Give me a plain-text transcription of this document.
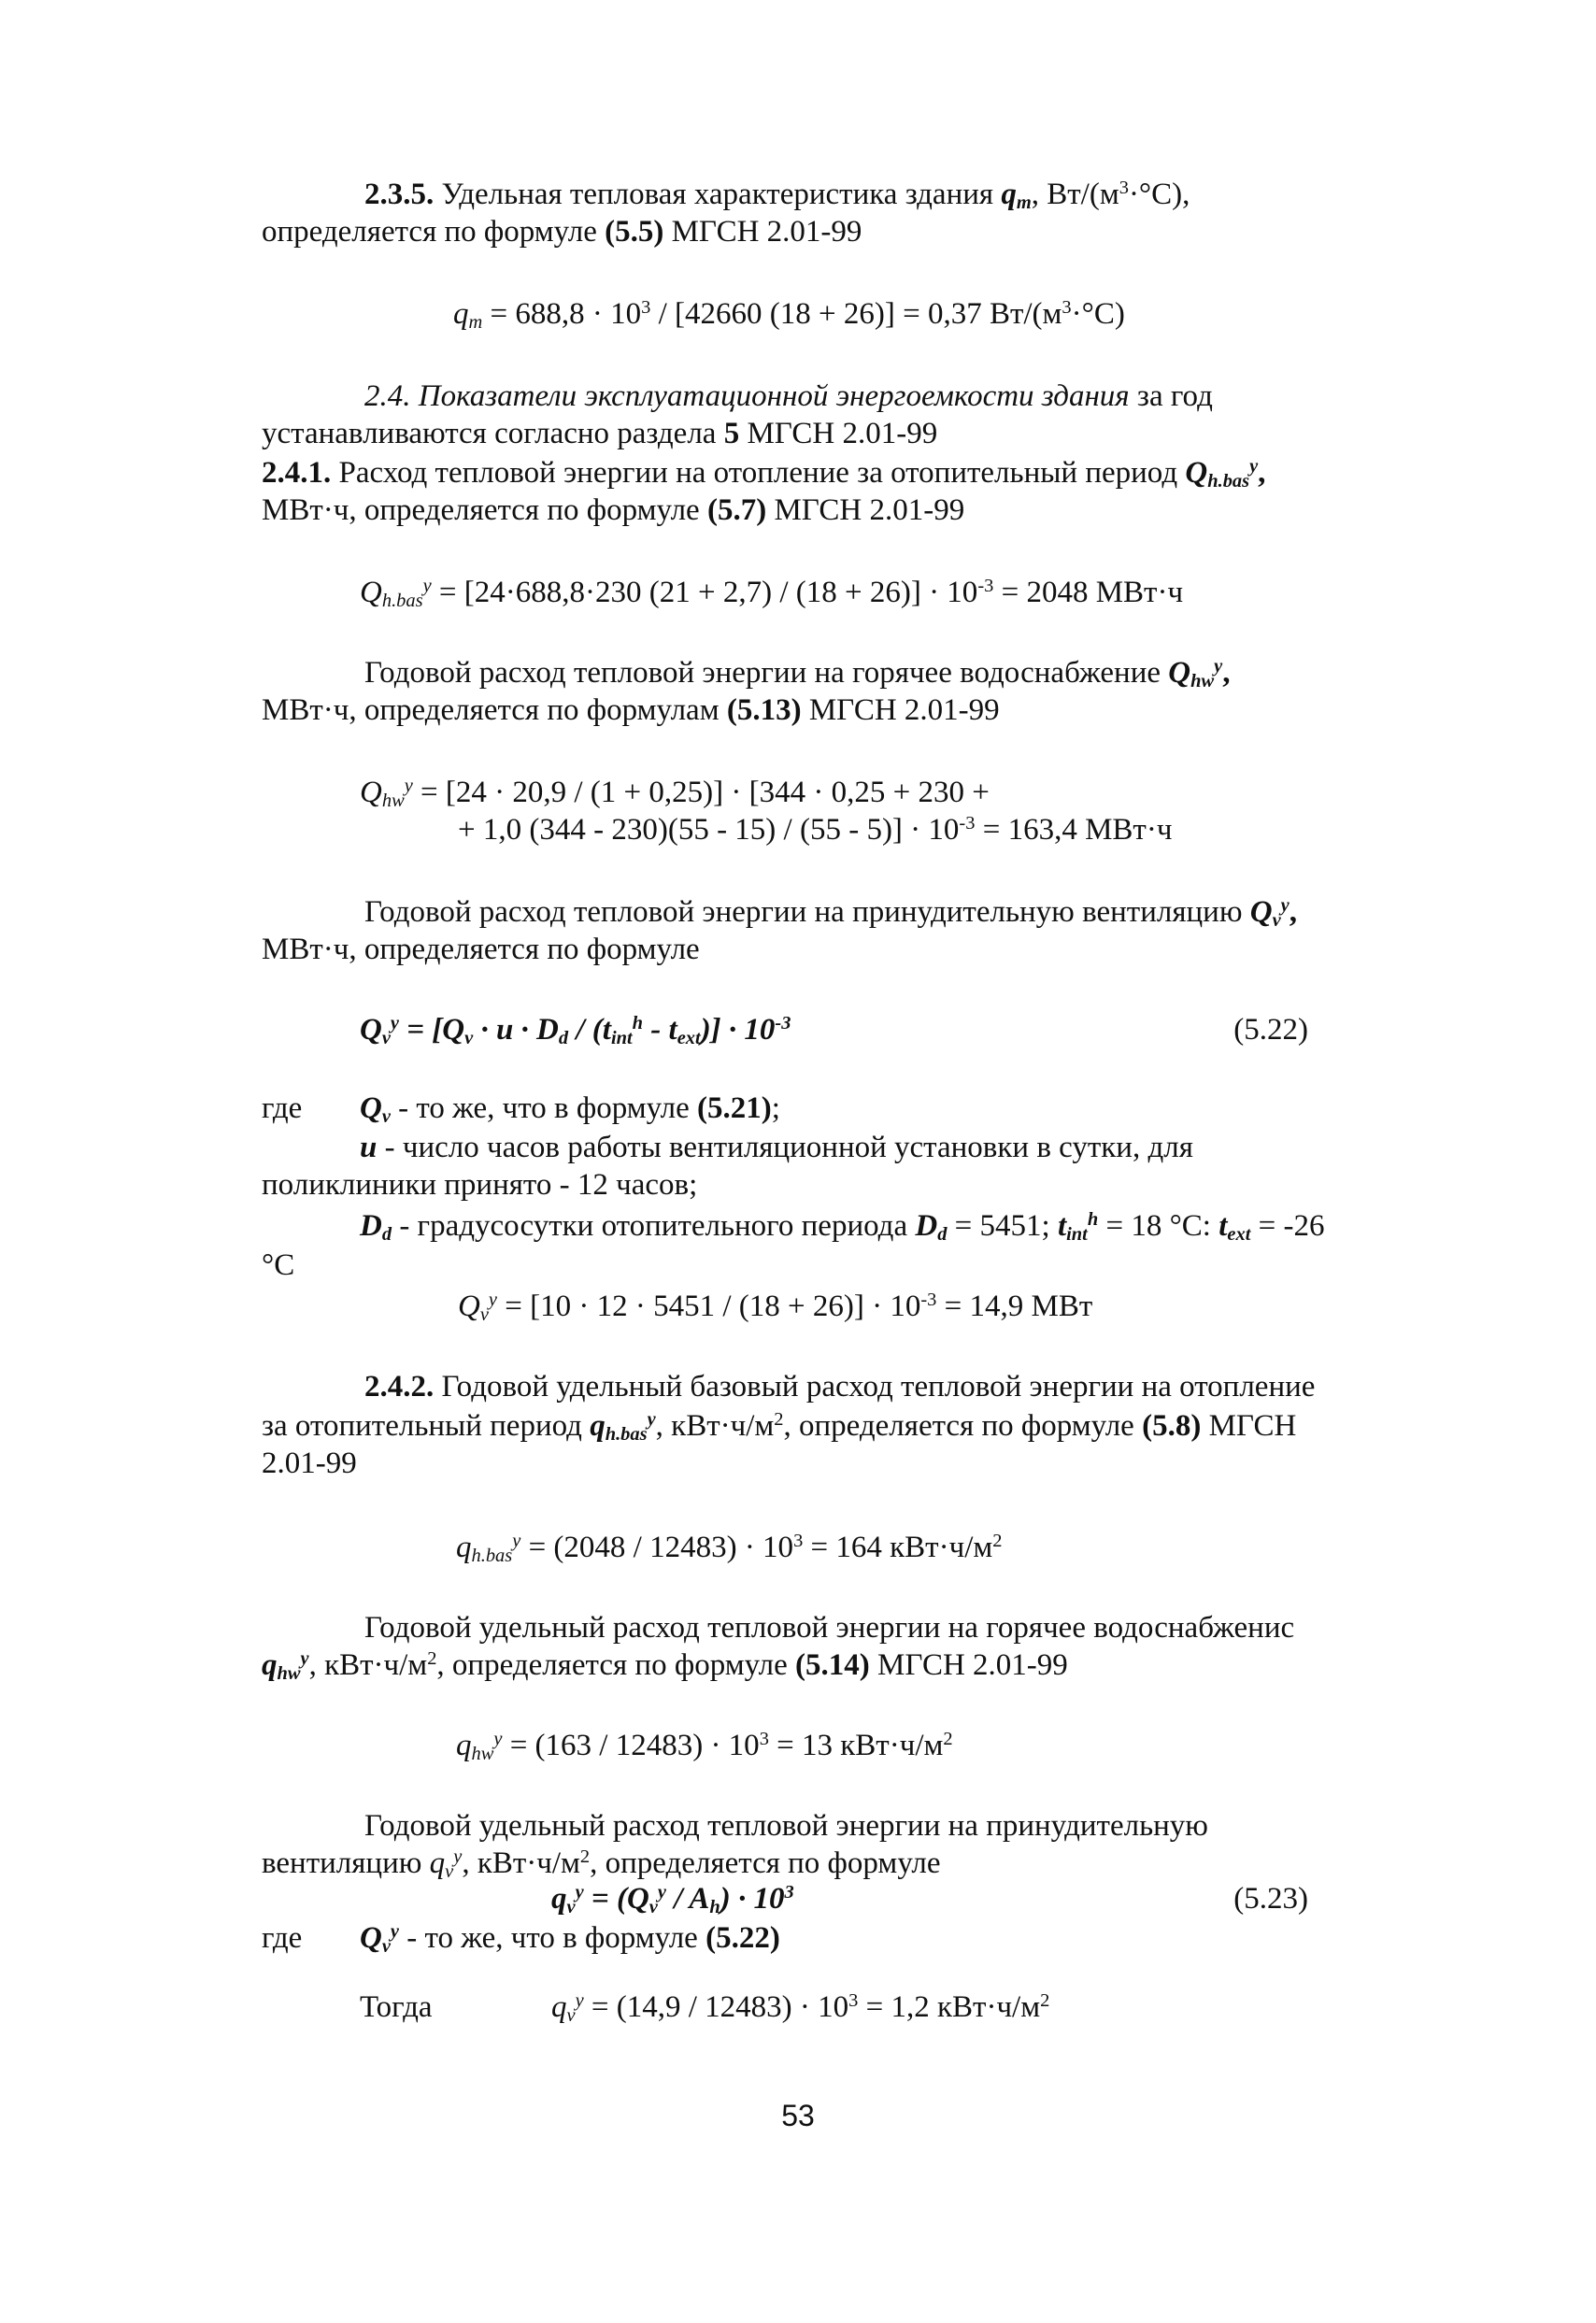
2.3.5. Удельная тепловая характеристика здания $q_m$, $Вт/(м^3\cdot^\circ С)$,
определяется по формуле (5.5) МГСН 2.01-99
$q_m = 688,8 \cdot 10^3 / [42660$ (18 + 26)] = 0,37 $Вт/(м^3\cdot^\circ С)$
2.4. Показатели эксплуатационной энергоемкости здания за год
устанавливаются согласно раздела 5 МГСН 2.01-99
2.4.1. Расход тепловой энергии на отопление за отопительный период $Q_{h.bas}^y$,
МВт·ч, определяется по формуле (5.7) МГСН 2.01-99
$Q_{h.bas}^y = [24\cdot 688,8\cdot 230$ $(21 + 2,7) / (18 + 26)] \cdot 10^{-3} = 2048$ МВт·ч
Годовой расход тепловой энергии на горячее водоснабжение $Q_{hw}^y$,
МВт·ч, определяется по формулам (5.13) МГСН 2.01-99
$Q_{hw}^y = [24 \cdot 20,9 / (1 + 0,25)] \cdot [344 \cdot 0,25 + 230$ +
+ 1,0 $(344 - 230)(55 - 15) / (55 - 5)] \cdot 10^{-3} = 163,4$ МВт·ч
Годовой расход тепловой энергии на принудительную вентиляцию $Q_v^y$,
МВт·ч, определяется по формуле
$Q_v^y = [Q_v \cdot u \cdot D_d / (t_{int}^h - t_{ext})] \cdot 10^{-3}$	(5.22)
где $Q_v$ - то же, что в формуле (5.21);
u - число часов работы вентиляционной установки в сутки, для
поликлиники принято - 12 часов;
$D_d$ - градусосутки отопительного периода $D_d = 5451$; $t_{int}^h = 18$ °С: $t_{ext} = -26$
°С
$Q_v^y = [10 \cdot 12 \cdot 5451 / (18 + 26)] \cdot 10^{-3} = 14,9$ МВт
2.4.2. Годовой удельный базовый расход тепловой энергии на отопление
за отопительный период $q_{h.bas}^y$, $кВт\cdot ч/м^2$, определяется по формуле (5.8) МГСН
2.01-99
$q_{h.bas}^y = (2048 / 12483) \cdot 10^3 = 164$ $кВт\cdot ч/м^2$
Годовой удельный расход тепловой энергии на горячее водоснабженис
$q_{hw}^y$, $кВт\cdot ч/м^2$, определяется по формуле (5.14) МГСН 2.01-99
$q_{hw}^y = (163 / 12483) \cdot 10^3 = 13$ $кВт\cdot ч/м^2$
Годовой удельный расход тепловой энергии на принудительную
вентиляцию $q_v^y$, $кВт\cdot ч/м^2$, определяется по формуле
$q_v^y = (Q_v^y / A_h) \cdot 10^3$	(5.23)
где $Q_v^y$ - то же, что в формуле (5.22)
Тогда	$q_v^y = (14,9 / 12483) \cdot 10^3 = 1,2$ $кВт\cdot ч/м^2$
53
